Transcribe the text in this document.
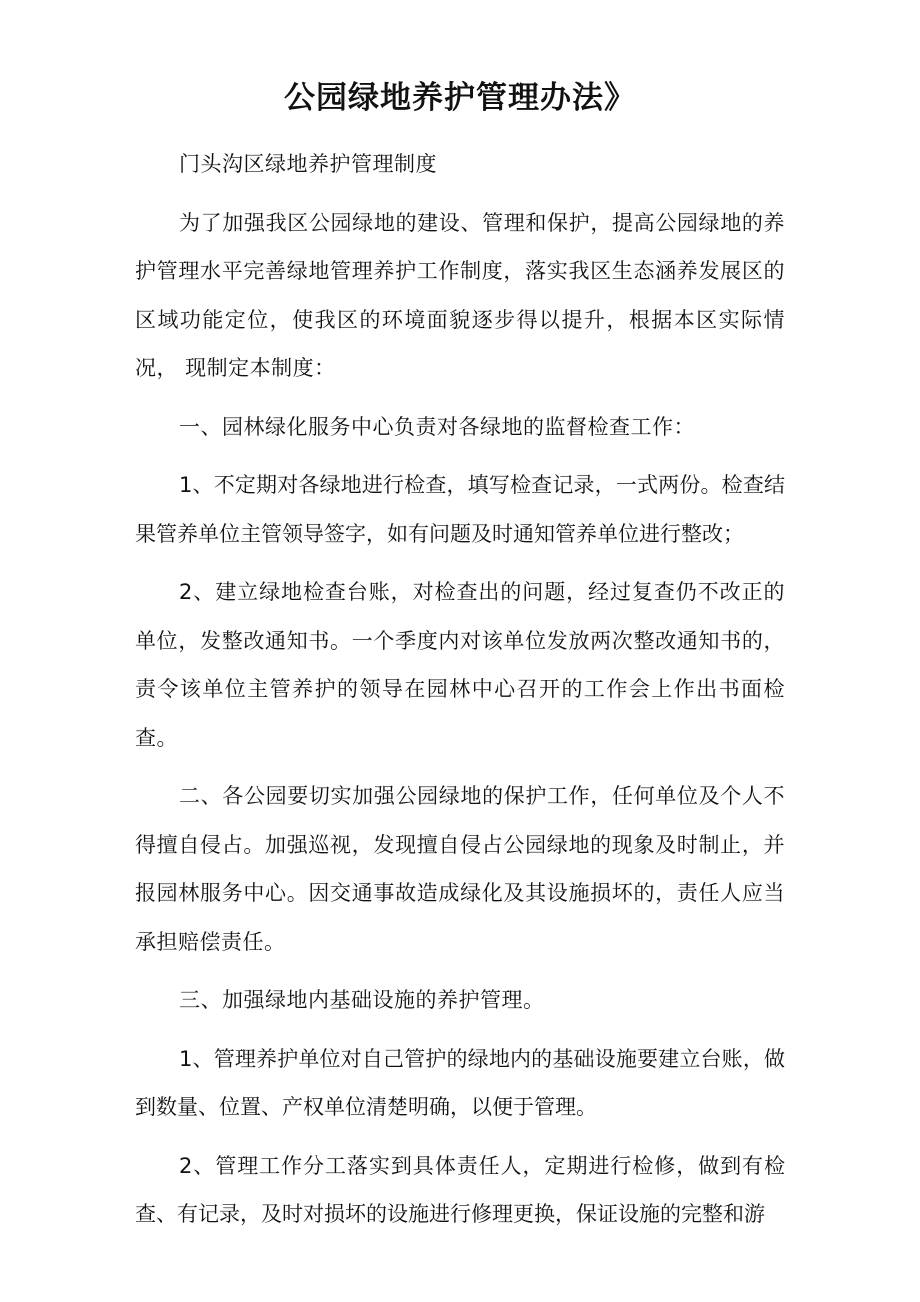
公园绿地养护管理办法》

门头沟区绿地养护管理制度

为了加强我区公园绿地的建设、管理和保护，提高公园绿地的养护管理水平完善绿地管理养护工作制度，落实我区生态涵养发展区的区域功能定位，使我区的环境面貌逐步得以提升，根据本区实际情况， 现制定本制度：

一、园林绿化服务中心负责对各绿地的监督检查工作：

1、不定期对各绿地进行检查，填写检查记录，一式两份。检查结果管养单位主管领导签字，如有问题及时通知管养单位进行整改；

2、建立绿地检查台账，对检查出的问题，经过复查仍不改正的单位，发整改通知书。一个季度内对该单位发放两次整改通知书的，责令该单位主管养护的领导在园林中心召开的工作会上作出书面检查。

二、各公园要切实加强公园绿地的保护工作，任何单位及个人不得擅自侵占。加强巡视，发现擅自侵占公园绿地的现象及时制止，并报园林服务中心。因交通事故造成绿化及其设施损坏的，责任人应当承担赔偿责任。

三、加强绿地内基础设施的养护管理。

1、管理养护单位对自己管护的绿地内的基础设施要建立台账，做到数量、位置、产权单位清楚明确，以便于管理。

2、管理工作分工落实到具体责任人，定期进行检修，做到有检查、有记录，及时对损坏的设施进行修理更换，保证设施的完整和游
